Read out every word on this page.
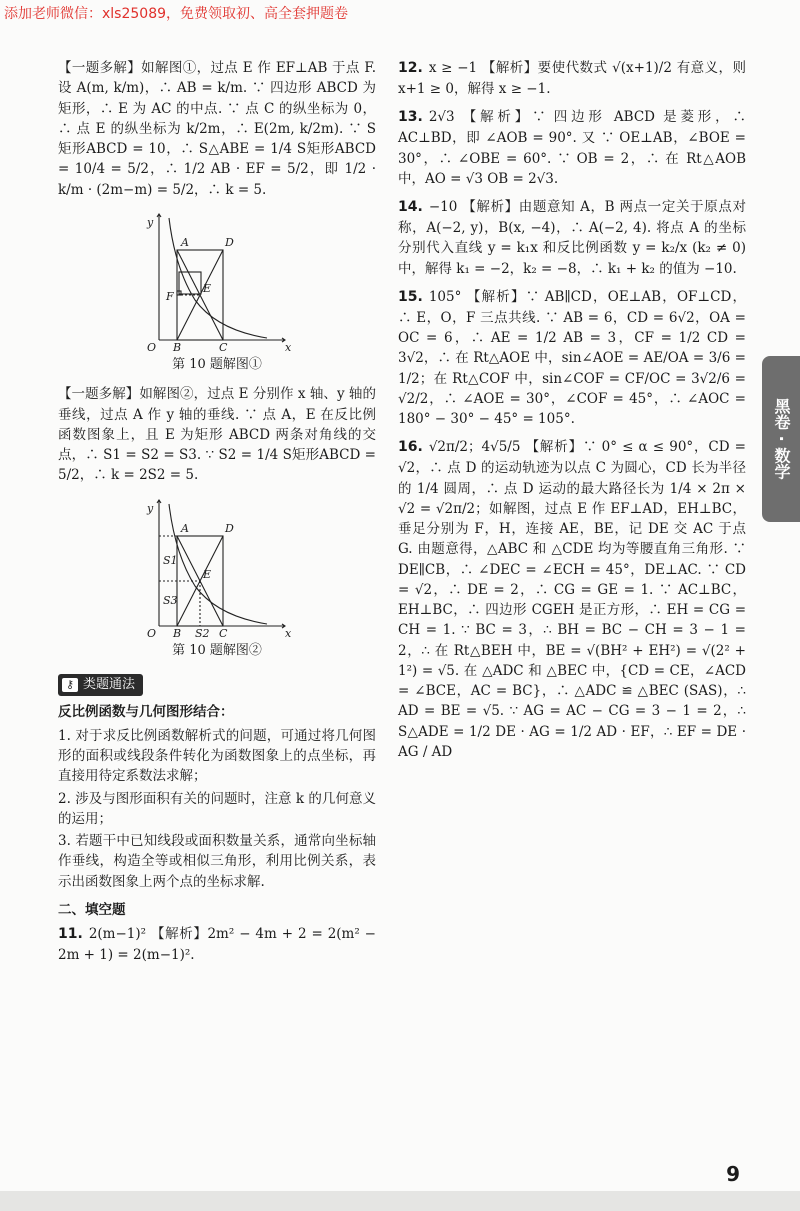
添加老师微信：xls25089，免费领取初、高全套押题卷

【一题多解】如解图①，过点 E 作 EF⊥AB 于点 F. 设 A(m, k/m)，∴ AB = k/m. ∵ 四边形 ABCD 为矩形，∴ E 为 AC 的中点. ∵ 点 C 的纵坐标为 0，∴ 点 E 的纵坐标为 k/2m，∴ E(2m, k/2m). ∵ S矩形ABCD = 10，∴ S△ABE = 1/4 S矩形ABCD = 10/4 = 5/2，∴ 1/2 AB · EF = 5/2，即 1/2 · k/m · (2m−m) = 5/2，∴ k = 5.

y
x
O
A	D
E
F
B	C
第 10 题解图①

【一题多解】如解图②，过点 E 分别作 x 轴、y 轴的垂线，过点 A 作 y 轴的垂线. ∵ 点 A，E 在反比例函数图象上，且 E 为矩形 ABCD 两条对角线的交点，∴ S1 = S2 = S3. ∵ S2 = 1/4 S矩形ABCD = 5/2，∴ k = 2S2 = 5.

y
x
O
A	D
E
S1
S3
B S2 C
第 10 题解图②
⚷ 类题通法

反比例函数与几何图形结合：

1. 对于求反比例函数解析式的问题，可通过将几何图形的面积或线段条件转化为函数图象上的点坐标，再直接用待定系数法求解；

2. 涉及与图形面积有关的问题时，注意 k 的几何意义的运用；

3. 若题干中已知线段或面积数量关系，通常向坐标轴作垂线，构造全等或相似三角形，利用比例关系，表示出函数图象上两个点的坐标求解.

二、填空题

11. 2(m−1)² 【解析】2m² − 4m + 2 = 2(m² − 2m + 1) = 2(m−1)².

12. x ≥ −1 【解析】要使代数式 √(x+1)/2 有意义，则 x+1 ≥ 0，解得 x ≥ −1.

13. 2√3 【解析】∵ 四边形 ABCD 是菱形，∴ AC⊥BD，即 ∠AOB = 90°. 又 ∵ OE⊥AB，∠BOE = 30°，∴ ∠OBE = 60°. ∵ OB = 2，∴ 在 Rt△AOB 中，AO = √3 OB = 2√3.

14. −10 【解析】由题意知 A，B 两点一定关于原点对称，A(−2, y)，B(x, −4)，∴ A(−2, 4). 将点 A 的坐标分别代入直线 y = k₁x 和反比例函数 y = k₂/x (k₂ ≠ 0) 中，解得 k₁ = −2，k₂ = −8，∴ k₁ + k₂ 的值为 −10.

15. 105° 【解析】∵ AB∥CD，OE⊥AB，OF⊥CD，∴ E，O，F 三点共线. ∵ AB = 6，CD = 6√2，OA = OC = 6，∴ AE = 1/2 AB = 3，CF = 1/2 CD = 3√2，∴ 在 Rt△AOE 中，sin∠AOE = AE/OA = 3/6 = 1/2；在 Rt△COF 中，sin∠COF = CF/OC = 3√2/6 = √2/2，∴ ∠AOE = 30°，∠COF = 45°，∴ ∠AOC = 180° − 30° − 45° = 105°.

16. √2π/2；4√5/5 【解析】∵ 0° ≤ α ≤ 90°，CD = √2，∴ 点 D 的运动轨迹为以点 C 为圆心，CD 长为半径的 1/4 圆周，∴ 点 D 运动的最大路径长为 1/4 × 2π × √2 = √2π/2；如解图，过点 E 作 EF⊥AD，EH⊥BC，垂足分别为 F，H，连接 AE，BE，记 DE 交 AC 于点 G. 由题意得，△ABC 和 △CDE 均为等腰直角三角形. ∵ DE∥CB，∴ ∠DEC = ∠ECH = 45°，DE⊥AC. ∵ CD = √2，∴ DE = 2，∴ CG = GE = 1. ∵ AC⊥BC，EH⊥BC，∴ 四边形 CGEH 是正方形，∴ EH = CG = CH = 1. ∵ BC = 3，∴ BH = BC − CH = 3 − 1 = 2，∴ 在 Rt△BEH 中，BE = √(BH² + EH²) = √(2² + 1²) = √5. 在 △ADC 和 △BEC 中，{CD = CE，∠ACD = ∠BCE，AC = BC}，∴ △ADC ≌ △BEC (SAS)，∴ AD = BE = √5. ∵ AG = AC − CG = 3 − 1 = 2，∴ S△ADE = 1/2 DE · AG = 1/2 AD · EF，∴ EF = DE · AG / AD

黑卷 · 数学
9
